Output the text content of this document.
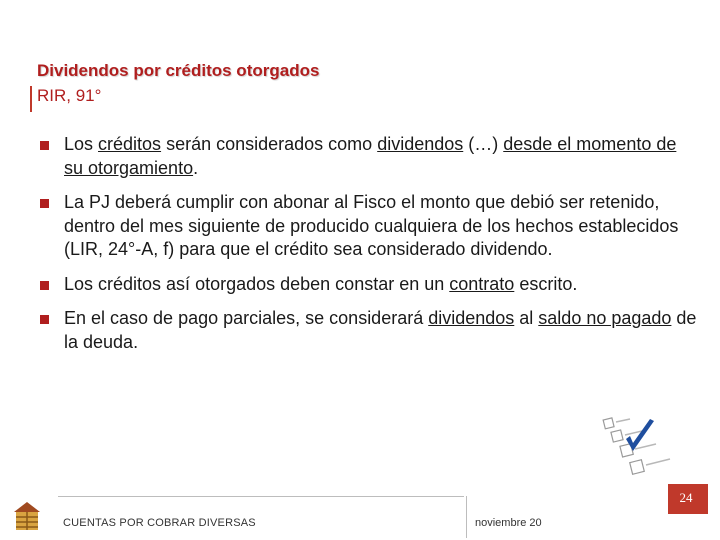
Dividendos por créditos otorgados
RIR, 91°
Los créditos serán considerados como dividendos (…) desde el momento de su otorgamiento.
La PJ deberá cumplir con abonar al Fisco el monto que debió ser retenido, dentro del mes siguiente de producido cualquiera de los hechos establecidos (LIR, 24°-A, f) para que el crédito sea considerado dividendo.
Los créditos así otorgados deben constar en un contrato escrito.
En el caso de pago parciales, se considerará dividendos al saldo no pagado de la deuda.
24
CUENTAS POR COBRAR DIVERSAS	noviembre 20
